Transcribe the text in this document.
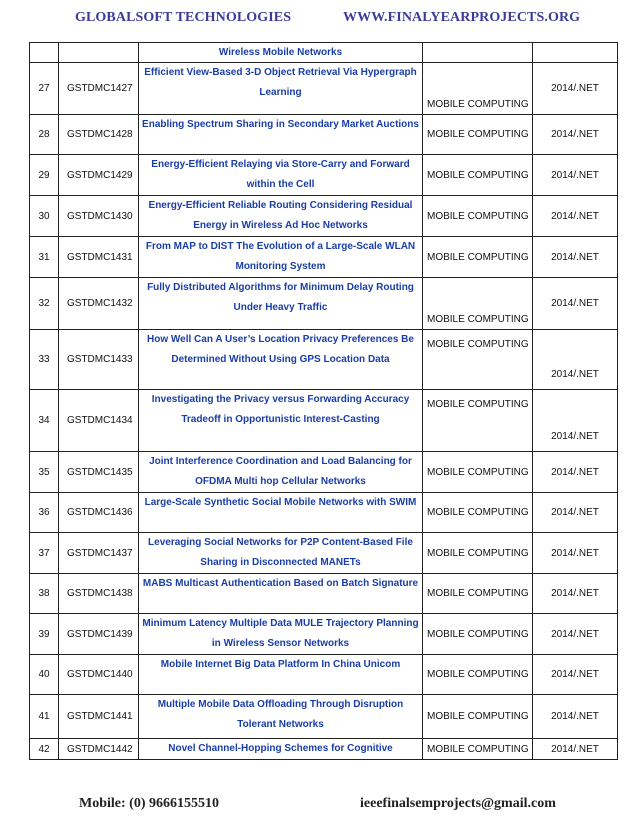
GLOBALSOFT TECHNOLOGIES	WWW.FINALYEARPROJECTS.ORG
		Wireless Mobile Networks		
27	GSTDMC1427	Efficient View-Based 3-D Object Retrieval Via Hypergraph Learning	MOBILE COMPUTING	2014/.NET
28	GSTDMC1428	Enabling Spectrum Sharing in Secondary Market Auctions	MOBILE COMPUTING	2014/.NET
29	GSTDMC1429	Energy-Efficient Relaying via Store-Carry and Forward within the Cell	MOBILE COMPUTING	2014/.NET
30	GSTDMC1430	Energy-Efficient Reliable Routing Considering Residual Energy in Wireless Ad Hoc Networks	MOBILE COMPUTING	2014/.NET
31	GSTDMC1431	From MAP to DIST The Evolution of a Large-Scale WLAN Monitoring System	MOBILE COMPUTING	2014/.NET
32	GSTDMC1432	Fully Distributed Algorithms for Minimum Delay Routing Under Heavy Traffic	MOBILE COMPUTING	2014/.NET
33	GSTDMC1433	How Well Can A User’s Location Privacy Preferences Be Determined Without Using GPS Location Data	MOBILE COMPUTING	2014/.NET
34	GSTDMC1434	Investigating the Privacy versus Forwarding Accuracy Tradeoff in Opportunistic Interest-Casting	MOBILE COMPUTING	2014/.NET
35	GSTDMC1435	Joint Interference Coordination and Load Balancing for OFDMA Multi hop Cellular Networks	MOBILE COMPUTING	2014/.NET
36	GSTDMC1436	Large-Scale Synthetic Social Mobile Networks with SWIM	MOBILE COMPUTING	2014/.NET
37	GSTDMC1437	Leveraging Social Networks for P2P Content-Based File Sharing in Disconnected MANETs	MOBILE COMPUTING	2014/.NET
38	GSTDMC1438	MABS Multicast Authentication Based on Batch Signature	MOBILE COMPUTING	2014/.NET
39	GSTDMC1439	Minimum Latency Multiple Data MULE Trajectory Planning in Wireless Sensor Networks	MOBILE COMPUTING	2014/.NET
40	GSTDMC1440	Mobile Internet Big Data Platform In China Unicom	MOBILE COMPUTING	2014/.NET
41	GSTDMC1441	Multiple Mobile Data Offloading Through Disruption Tolerant Networks	MOBILE COMPUTING	2014/.NET
42	GSTDMC1442	Novel Channel-Hopping Schemes for Cognitive	MOBILE COMPUTING	2014/.NET
Mobile: (0) 9666155510	ieeefinalsemprojects@gmail.com
